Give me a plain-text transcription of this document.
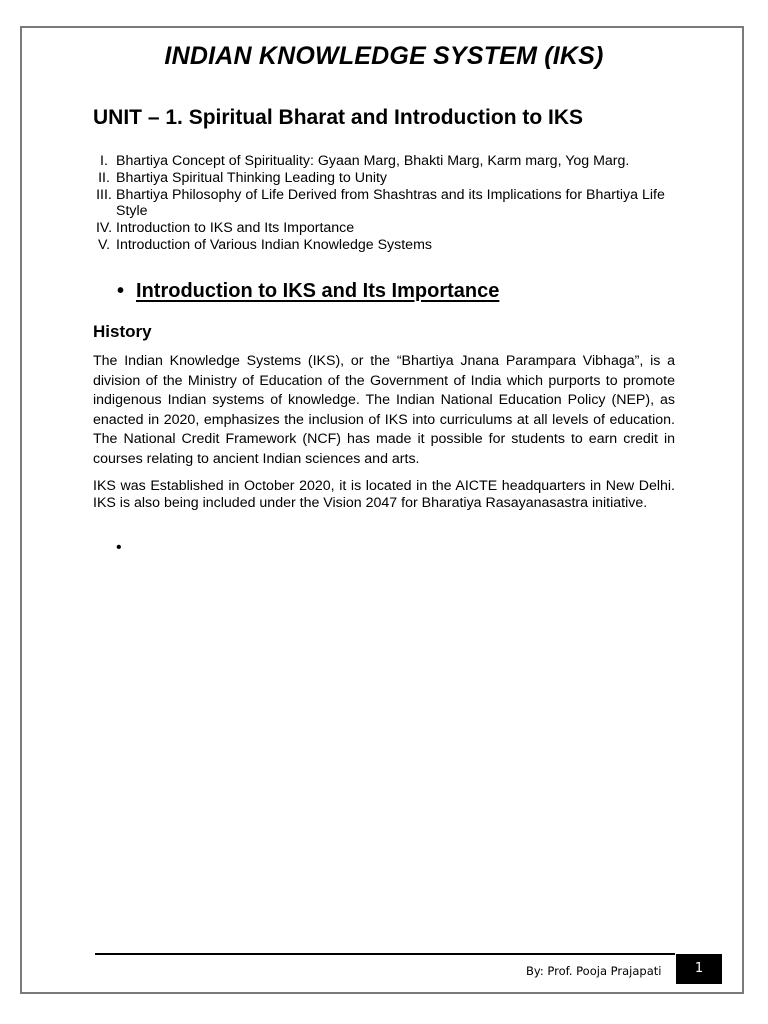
INDIAN KNOWLEDGE SYSTEM (IKS)
UNIT – 1. Spiritual Bharat and Introduction to IKS
I. Bhartiya Concept of Spirituality: Gyaan Marg, Bhakti Marg, Karm marg, Yog Marg.
II. Bhartiya Spiritual Thinking Leading to Unity
III. Bhartiya Philosophy of Life Derived from Shashtras and its Implications for Bhartiya Life Style
IV. Introduction to IKS and Its Importance
V. Introduction of Various Indian Knowledge Systems
• Introduction to IKS and Its Importance
History

The Indian Knowledge Systems (IKS), or the “Bhartiya Jnana Parampara Vibhaga”, is a division of the Ministry of Education of the Government of India which purports to promote indigenous Indian systems of knowledge. The Indian National Education Policy (NEP), as enacted in 2020, emphasizes the inclusion of IKS into curriculums at all levels of education. The National Credit Framework (NCF) has made it possible for students to earn credit in courses relating to ancient Indian sciences and arts.

IKS was Established in October 2020, it is located in the AICTE headquarters in New Delhi. IKS is also being included under the Vision 2047 for Bharatiya Rasayanasastra initiative.

•
By: Prof. Pooja Prajapati	1
